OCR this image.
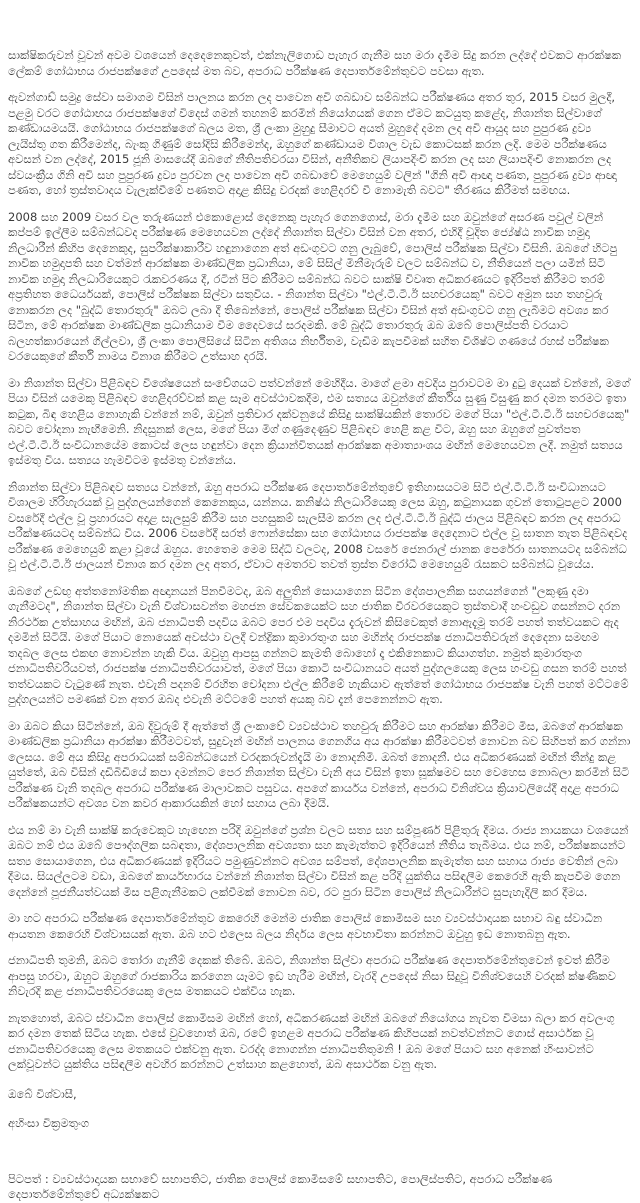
සාක්ෂිකරුවන් වූවන් අවම වශයෙන් දෙදෙනෙකුවත්, එක්නැලිගොඩ පැහැර ගැනීම සහ මරා දැමීම සිදු කරන ලද්දේ එවකට ආරක්ෂක ලේකම් ගෝඨාභය රාජපක්ෂගේ උපදෙස් මත බව, අපරාධ පරීක්ෂණ දෙපාර්තමේන්තුවට පවසා ඇත.

ඇවන්ගාඩ් සමුද්‍ර සේවා සමාගම විසින් පාලනය කරන ලද පාවෙන අවි ගබඩාව සම්බන්ධ පරීක්ෂණය අතර තුර, 2015 වසර මුලදී, පළමු වරට ගෝඨාභය රාජපක්ෂගේ විදෙස් ගමන් තහනම් කරමින් නියෝගයක් ගෙන ඒමට කටයුතු කළේද, නිශාන්ත සිල්වාගේ කණ්ඩායමයයි. ගෝඨාභය රාජපක්ෂගේ බලය මත, ශ්‍රී ලංකා මුහුදු සීමාවට අයත් මුහුදේ දමන ලද අවි ආයුද සහ පුපුරණ ද්‍රව්‍ය ලැයිස්තු ගත කිරීමෙන්ද, බැංකු ගිණුම් සෝදිසි කිරීමෙන්ද, ඔහුගේ කණ්ඩායම විශාල වැඩ කොටසක් කරන ලදි. මෙම පරීක්ෂණය අවසන් වන ලද්දේ, 2015 ජූනි මාසයේදී ඔබගේ නීතිපතිවරයා විසින්, අනීතිකව ලියාපදිංචි කරන ලද සහ ලියාපදිංචි නොකරන ලද ස්වයංක්‍රීය ගිනි අවි සහ පුපුරණ ද්‍රව්‍ය පුරවන ලද පාවෙන අවි ගබඩාවේ මෙහෙයුම් වලින් "ගිනි අවි ආඥා පණත, පුපුරණ ද්‍රව්‍ය ආඥා පණත, හෝ ත්‍රස්තවාදය වැලැක්වීමේ පණතට අදාළ කිසිදු වරදක් හෙළිදරව් වී නොමැති බවට" තීරණය කිරීමත් සමඟය.

2008 සහ 2009 වසර වල තරුණයන් එකොළොස් දෙනෙකු පැහැර ගෙනගොස්, මරා දැමීම සහ ඔවුන්ගේ අසරණ පවුල් වලින් කප්පම් ඉල්ලීම සම්බන්ධවද පරීක්ෂණ මෙහෙයවන ලද්දේ නිශාන්ත සිල්වා විසින් වන අතර, එහිදී චූදිත ජ්‍යේෂ්ඨ නාවික හමුදා නිලධාරීන් කිහිප දෙනෙකුද, සුපරීක්ෂාකාරීව හඳුනාගෙන අත් අඩංගුවට ගනු ලැබුවේ, පොලිස් පරීක්ෂක සිල්වා විසිනි. ඔබගේ හිටපු නාවික හමුදාපති සහ වත්මන් ආරක්ෂක මාණ්ඩලික ප්‍රධානියා, මේ සිසිල් මිනීමැරුම් වලට සම්බන්ධ ව, නීතියෙන් පලා යමින් සිටි නාවික හමුදා නිලධාරියෙකුට රැකවරණය දී, රටින් පිට කිරීමට සම්බන්ධ බවට සාක්ෂි විවෘත අධිකරණයට ඉදිරිපත් කිරීමට තරම් අප්‍රතිහත ධෛර්යයක්, පොලිස් පරීක්ෂක සිල්වා සතුවිය. - නිශාන්ත සිල්වා "එල්.ටී.ටී.ඊ සහචරයෙකු" බවට අමුන සහ තහවුරු නොකරන ලද "බුද්ධි තොරතුරු" ඔබට ලබා දී තිබෙන්නේ, පොලිස් පරීක්ෂක සිල්වා විසින් අත් අඩංගුවට ගනු ලැබීමට අවශ්‍ය කර සිටින, මේ ආරක්ෂක මාණ්ඩලික ප්‍රධානියාම වීම දෛවයේ සරදමකි. මේ බුද්ධි තොරතුරු ඔබ ඔබේ පොලිස්පති වරයාට බලහත්කාරයෙන් ගිල්ලවා, ශ්‍රී ලංකා පොලීසියේ සිටින අතිශය නිර්භීතම, වැඩිම කැපවීමක් සහිත විශිෂ්ට ගණයේ රහස් පරීක්ෂක වරයෙකුගේ කීර්ති නාමය විනාශ කිරීමට උත්සාහ දරයි.

මා නිශාන්ත සිල්වා පිළිබඳව විශේෂයෙන් සංවේගයට පත්වන්නේ මෙහිදීය. මාගේ ළමා අවදිය පුරාවටම මා දුටු දෙයක් වන්නේ, මගේ පියා විසින් යමෙකු පිළිබඳව හෙළිදරව්වක් කළ සෑම අවස්ථාවකදීම, එම සත්‍යය ඔවුන්ගේ කීර්තිය සුණු විසුණු කර දමන තරමට ඉතා කටුක, බිඳ හෙළිය නොහැකි වන්නේ නම්, ඔවුන් ප්‍රතිචාර දක්වනුයේ කිසිදු සාක්ෂියකින් තොරව මගේ පියා "එල්.ටී.ටී.ඊ සහචරයෙකු" බවට චෝදනා නැඟීමෙනි. නිදසුනක් ලෙස, මගේ පියා මිග් ගණුදෙණුව පිළිබඳව හෙළි කළ විට, ඔහු සහ ඔහුගේ පුවත්පත එල්.ටී.ටී.ඊ සංවිධානයේම කොටස් ලෙස හඳුන්වා දෙන ක්‍රියාන්විතයක් ආරක්ෂක අමාත්‍යාංශය මඟින් මෙහෙයවන ලදී. නමුත් සත්‍යය ඉස්මතු විය. සත්‍යය හැමවිටම ඉස්මතු වන්නේය.

නිශාන්ත සිල්වා පිළිබඳව සත්‍යය වන්නේ, ඔහු අපරාධ පරීක්ෂණ දෙපාර්තමේන්තුවේ ඉතිහාසයටම සිටි එල්.ටී.ටී.ඊ සංවිධානයට විශාලම හිරිහැරයක් වූ පුද්ගලයන්ගෙන් කෙනෙකුය, යන්නය. කනිෂ්ඨ නිලධාරියෙකු ලෙස ඔහු, කටුනායක ගුවන් තොටුපළට 2000 වසරේදී එල්ල වූ ප්‍රහාරයට අදාළ සැලසුම් කිරීම සහ පහසුකම් සැලසීම කරන ලද එල්.ටී.ටී.ඊ බුද්ධි ජාලය පිළිබඳව කරන ලද අපරාධ පරීක්ෂණයටද සම්බන්ධ විය. 2006 වසරේදී සරත් ෆොන්සේකා සහ ගෝඨාභය රාජපක්ෂ දෙදෙනාට එල්ල වූ ඝාතන තැත පිළිබඳවද පරීක්ෂණ මෙහෙයුම් කළා වූයේ ඔහුය. හෙතෙම මෙම සිද්ධි වලටද, 2008 වසරේ ජෙනරාල් ජානක පෙරේරා ඝාතනයටද සම්බන්ධ වූ එල්.ටී.ටී.ඊ ජාලයන් විනාශ කර දමන ලද අතර, ඒවාට අමතරව තවත් ත්‍රස්ත විරෝධී මෙහෙයුම් රැසකට සම්බන්ධ වූයේය.

ඔබගේ උඩඟු අත්තනෝමතික අඥානයන් පිනවීමටද, ඔබ අලුතින් සොයාගෙන සිටින දේශපාලනික සගයන්ගෙන් "ලකුණු දමා ගැනීමටද", නිශාන්ත සිල්වා වැනි විශ්වාසවන්ත මහජන සේවකයෙක්ට සහ ජාතික වීරවරයෙකුට ත්‍රස්තවාදී හංවඩුව ගසන්නට දරන නිරර්ථක උත්සාහය මඟින්, ඔබ ජනාධිපති පදවිය ඔබට පෙර එම පදවිය දැරුවන් කිසිවෙකුත් නොඇදැමූ තරම් පහත් තත්වයකට ඇද දමමින් සිටියි. මගේ පියාට නොයෙක් අවස්ථා වලදී චන්ද්‍රිකා කුමාරතුංග සහ මහින්ද රාජපක්ෂ ජනාධිපතිවරුන් දෙදෙනා සමඟම තදබල ලෙස එකඟ නොවන්න හැකි විය. ඔවුහු ආපසු ගන්නට කැමති බොහෝ දෑ එකිනෙකාට කියාගත්හ. නමුත් කුමාරතුංග ජනාධිපතිවරියවත්, රාජපක්ෂ ජනාධිපතිවරයාවත්, මගේ පියා කොටි සංවිධානයට අයත් පුද්ගලයෙකු ලෙස හංවඩු ගසන තරම් පහත් තත්වයකට වැටුණේ නැත. එවැනි පදනම් විරහිත චෝදනා එල්ල කිරීමේ හැකියාව ඇත්තේ ගෝඨාභය රාජපක්ෂ වැනි පහත් මට්ටමේ පුද්ගලයන්ට පමණක් වන අතර ඔබද එවැනි මට්ටමේ පහත් අයකු බව දැන් පෙනෙන්නට ඇත.

මා ඔබට කියා සිටින්නේ, ඔබ දිවුරුම් දී ඇත්තේ ශ්‍රී ලංකාවේ ව්‍යවස්ථාව තහවුරු කිරීමට සහ ආරක්ෂා කිරීමට මිස, ඔබගේ ආරක්ෂක මාණ්ඩලික ප්‍රධානියා ආරක්ෂා කිරීමටවත්, සුදුවෑන් මඟින් පාලනය ගෙනගිය අය ආරක්ෂා කිරීමටවත් නොවන බව සිහිපත් කර ගන්නා ලෙසය. මේ අය කිසිදු අපරාධයක් සම්බන්ධයෙන් වරදකරුවන්දැයි මා නොදනිමි. ඔබත් නොදනී. එය අධිකරණයක් මඟින් තීන්දු කළ යුත්තේ, ඔබ විසින් දඩිබිඩියේ කපා දමන්නට පෙර නිශාන්ත සිල්වා වැනි අය විසින් ඉතා සූක්ෂමව සහ වෙහෙස නොබලා කරමින් සිටි පරීක්ෂණ වැනි තදබල අපරාධ පරීක්ෂණ මාලාවකට පසුවය. අපගේ කාර්යය වන්නේ, අපරාධ විනිශ්චය ක්‍රියාවලියේදී අදාළ අපරාධ පරීක්ෂකයන්ට අවශ්‍ය වන කවර ආකාරයකින් හෝ සහාය ලබා දීමයි.

එය නම් මා වැනි සාක්ෂි කරුවෙකුට හැඟෙන පරිදි ඔවුන්ගේ ප්‍රශ්න වලට සත්‍ය සහ සම්පූර්ණ පිළිතුරු දීමය. රාජ්‍ය නායකයා වශයෙන් ඔබට නම් එය ඔබේ පෞද්ගලික සබඳතා, දේශපාලනික අවශ්‍යතා සහ කැමැත්තට ඉදිරියෙන් නීතිය තැබීමය. එය නම්, පරීක්ෂකයන්ට සත්‍ය සොයාගෙන, එය අධිකරණයක් ඉදිරියට පමුණුවන්නට අවශ්‍ය සම්පත්, දේශපාලනික කැමැත්ත සහ සහාය රාජ්‍ය වෙතින් ලබා දීමය. සියල්ලටම වඩා, ඔබගේ කාර්යභාරය වන්නේ නිශාන්ත සිල්වා විසින් කළ පරිදි යුක්තිය පසිඳලීම කෙරෙහි ඇති කැපවීම ගෙන දෙන්නේ පූජනීයත්වයක් මිස පළිගැනීමකට ලක්වීමක් නොවන බව, රට පුරා සිටින පොලිස් නිලධාරීන්ට සුපැහැදිලි කර දීමය.

මා හට අපරාධ පරීක්ෂණ දෙපාර්තමේන්තුව කෙරෙහි මෙන්ම ජාතික පොලිස් කොමිසම සහ ව්‍යවස්ථාදායක සභාව බඳු ස්වාධීන ආයතන කෙරෙහි විශ්වාසයක් ඇත. ඔබ හට එලෙස බලය නිර්දය ලෙස අවභාවිතා කරන්නට ඔවුහු ඉඩ නොතබනු ඇත.

ජනාධිපති තුමනි, ඔබට තෝරා ගැනීම් දෙකක් තිබේ. ඔබට, නිශාන්ත සිල්වා අපරාධ පරීක්ෂණ දෙපාර්තමේන්තුවෙන් ඉවත් කිරීම ආපසු හරවා, ඔහුට ඔහුගේ රාජකාරිය කරගෙන යෑමට ඉඩ හැරීම මඟින්, වැරදි උපදෙස් නිසා සිදුවූ විනිශ්චයෙහි වරදක් ක්ෂණිකව නිවැරදි කළ ජනාධිපතිවරයෙකු ලෙස මතකයට එක්විය හැක.

නැතහොත්, ඔබට ස්වාධීන පොලිස් කොමිසම මඟින් හෝ, අධිකරණයක් මඟින් ඔබගේ නියෝගය නැවත විමසා බලා කර අවලංගු කර දමන තෙක් සිටිය හැක. එසේ වුවහොත් ඔබ, රටේ ඉහළම අපරාධ පරීක්ෂණ කිහිපයක් නවත්වන්නට ගොස් අසාර්ථක වූ ජනාධිපතිවරයෙකු ලෙස මතකයට එක්වනු ඇත. වරද්ද නොගන්න ජනාධිපතිතුමනි ! ඔබ මගේ පියාට සහ අනෙක් හිංසාවන්ට ලක්වූවන්ට යුක්තිය පසිඳලීම අවහිර කරන්නට උත්සාහ කළහොත්, ඔබ අසාර්ථක වනු ඇත.

ඔබේ විශ්වාසී,

අහිංසා වික්‍රමතුංග

පිටපත් : ව්‍යවස්ථාදායක සභාවේ සභාපතිට, ජාතික පොලිස් කොමිසමේ සභාපතිට, පොලිස්පතිට, අපරාධ පරීක්ෂණ දෙපාර්තමේන්තුවේ අධ්‍යක්ෂකට
